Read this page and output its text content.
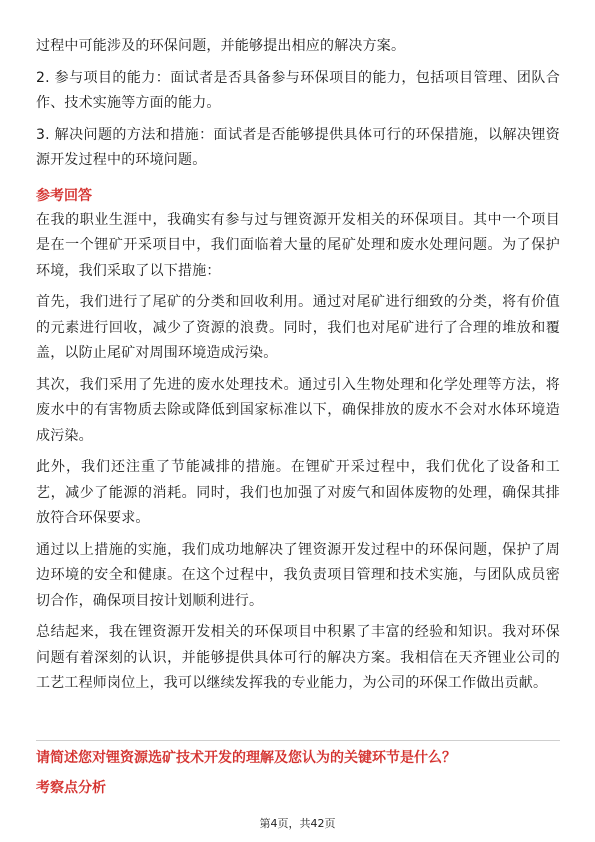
过程中可能涉及的环保问题，并能够提出相应的解决方案。

2. 参与项目的能力：面试者是否具备参与环保项目的能力，包括项目管理、团队合作、技术实施等方面的能力。

3. 解决问题的方法和措施：面试者是否能够提供具体可行的环保措施，以解决锂资源开发过程中的环境问题。

参考回答

在我的职业生涯中，我确实有参与过与锂资源开发相关的环保项目。其中一个项目是在一个锂矿开采项目中，我们面临着大量的尾矿处理和废水处理问题。为了保护环境，我们采取了以下措施：

首先，我们进行了尾矿的分类和回收利用。通过对尾矿进行细致的分类，将有价值的元素进行回收，减少了资源的浪费。同时，我们也对尾矿进行了合理的堆放和覆盖，以防止尾矿对周围环境造成污染。

其次，我们采用了先进的废水处理技术。通过引入生物处理和化学处理等方法，将废水中的有害物质去除或降低到国家标准以下，确保排放的废水不会对水体环境造成污染。

此外，我们还注重了节能减排的措施。在锂矿开采过程中，我们优化了设备和工艺，减少了能源的消耗。同时，我们也加强了对废气和固体废物的处理，确保其排放符合环保要求。

通过以上措施的实施，我们成功地解决了锂资源开发过程中的环保问题，保护了周边环境的安全和健康。在这个过程中，我负责项目管理和技术实施，与团队成员密切合作，确保项目按计划顺利进行。

总结起来，我在锂资源开发相关的环保项目中积累了丰富的经验和知识。我对环保问题有着深刻的认识，并能够提供具体可行的解决方案。我相信在天齐锂业公司的工艺工程师岗位上，我可以继续发挥我的专业能力，为公司的环保工作做出贡献。

请简述您对锂资源选矿技术开发的理解及您认为的关键环节是什么？
考察点分析
第4页，共42页
